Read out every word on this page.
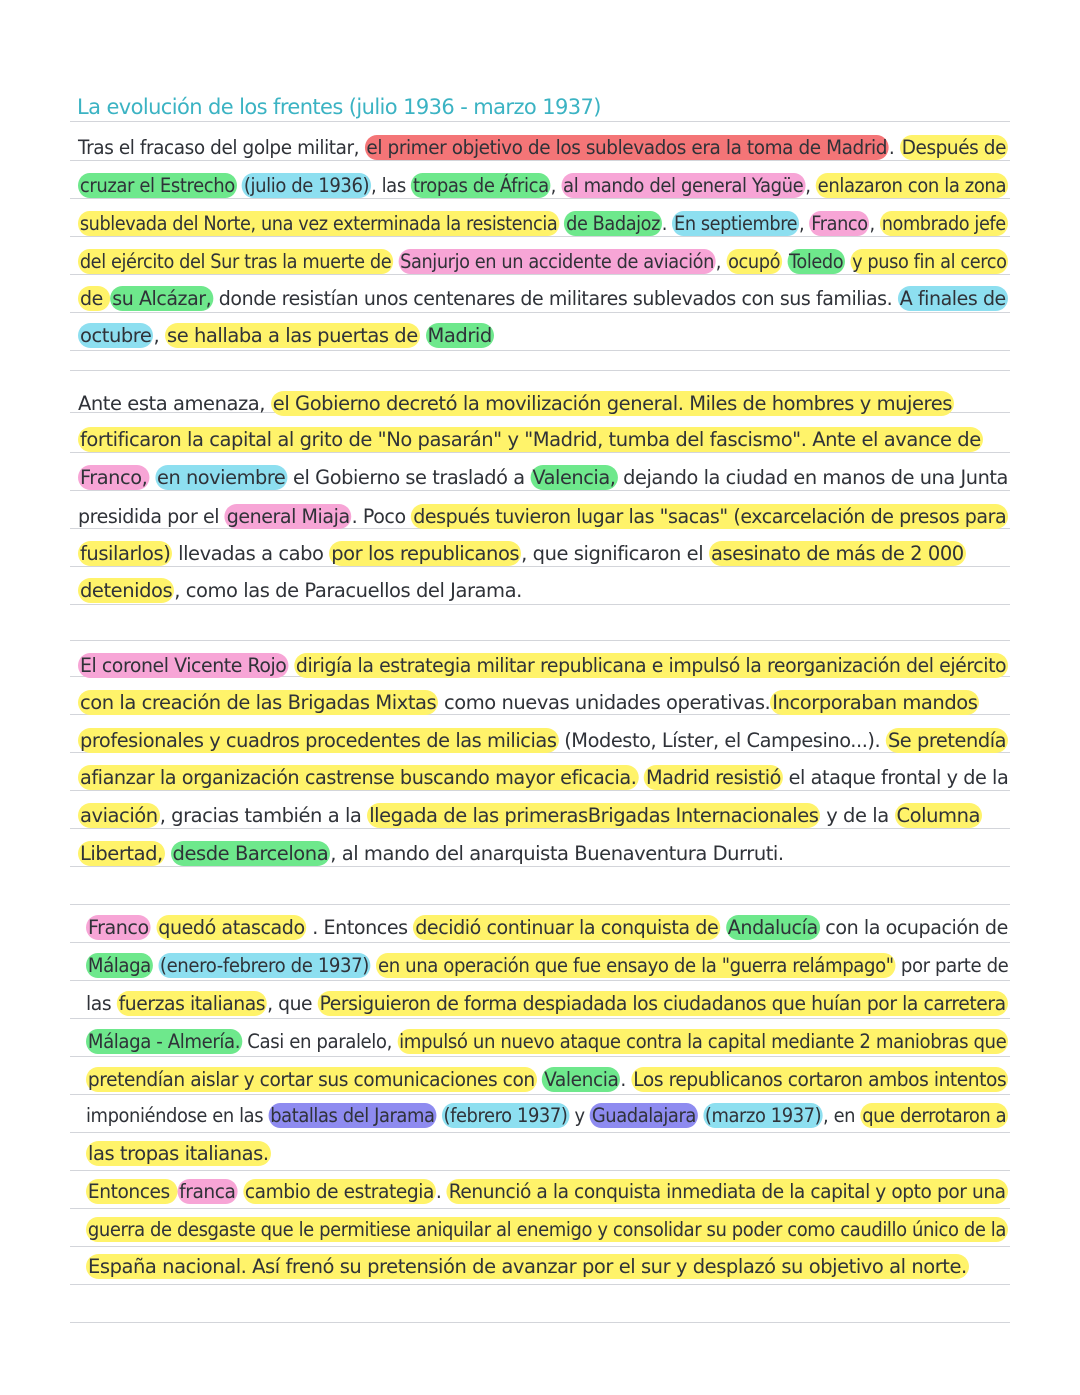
La evolución de los frentes (julio 1936 - marzo 1937)
Tras el fracaso del golpe militar, el primer objetivo de los sublevados era la toma de Madrid. Después de
cruzar el Estrecho (julio de 1936), las tropas de África, al mando del general Yagüe, enlazaron con la zona
sublevada del Norte, una vez exterminada la resistencia de Badajoz. En septiembre, Franco, nombrado jefe
del ejército del Sur tras la muerte de Sanjurjo en un accidente de aviación, ocupó Toledo y puso fin al cerco
de su Alcázar, donde resistían unos centenares de militares sublevados con sus familias. A finales de
octubre , se hallaba a las puertas de Madrid
Ante esta amenaza, el Gobierno decretó la movilización general. Miles de hombres y mujeres
fortificaron la capital al grito de "No pasarán" y "Madrid, tumba del fascismo". Ante el avance de
Franco, en noviembre el Gobierno se trasladó a Valencia, dejando la ciudad en manos de una Junta
presidida por el general Miaja . Poco después tuvieron lugar las "sacas" (excarcelación de presos para
fusilarlos) llevadas a cabo por los republicanos , que significaron el asesinato de más de 2 000
detenidos , como las de Paracuellos del Jarama.
El coronel Vicente Rojo dirigía la estrategia militar republicana e impulsó la reorganización del ejército
con la creación de las Brigadas Mixtas como nuevas unidades operativas. Incorporaban mandos
profesionales y cuadros procedentes de las milicias (Modesto, Líster, el Campesino...). Se pretendía
afianzar la organización castrense buscando mayor eficacia. Madrid resistió el ataque frontal y de la
aviación , gracias también a la llegada de las primerasBrigadas Internacionales y de la Columna
Libertad, desde Barcelona , al mando del anarquista Buenaventura Durruti.
Franco quedó atascado . Entonces decidió continuar la conquista de Andalucía con la ocupación de
Málaga (enero-febrero de 1937) en una operación que fue ensayo de la "guerra relámpago" por parte de
las fuerzas italianas, que Persiguieron de forma despiadada los ciudadanos que huían por la carretera
Málaga - Almería. Casi en paralelo, impulsó un nuevo ataque contra la capital mediante 2 maniobras que
pretendían aislar y cortar sus comunicaciones con Valencia. Los republicanos cortaron ambos intentos
imponiéndose en las batallas del Jarama (febrero 1937) y Guadalajara (marzo 1937), en que derrotaron a
las tropas italianas.
Entonces franca cambio de estrategia. Renunció a la conquista inmediata de la capital y opto por una
guerra de desgaste que le permitiese aniquilar al enemigo y consolidar su poder como caudillo único de la
España nacional. Así frenó su pretensión de avanzar por el sur y desplazó su objetivo al norte.
